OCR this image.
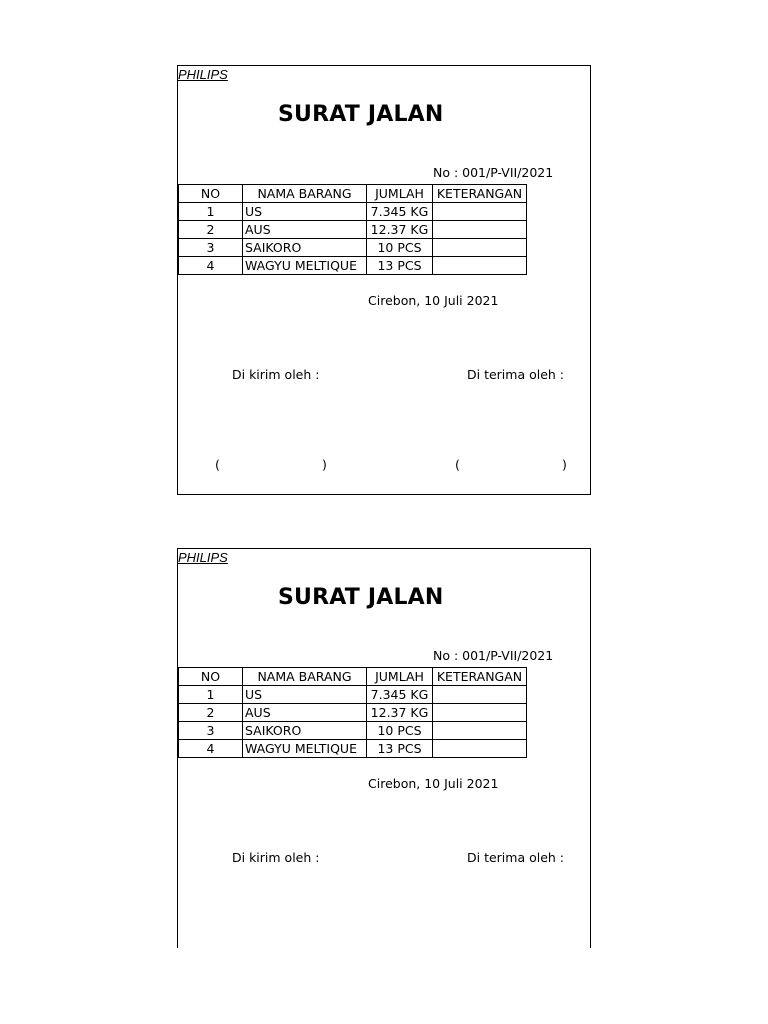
PHILIPS
SURAT JALAN
No : 001/P-VII/2021
NO	NAMA BARANG	JUMLAH	KETERANGAN
1	US	7.345 KG	
2	AUS	12.37 KG	
3	SAIKORO	10 PCS	
4	WAGYU MELTIQUE	13 PCS	
Cirebon, 10 Juli 2021
Di kirim oleh :	Di terima oleh :
(	)	(	)
PHILIPS
SURAT JALAN
No : 001/P-VII/2021
NO	NAMA BARANG	JUMLAH	KETERANGAN
1	US	7.345 KG	
2	AUS	12.37 KG	
3	SAIKORO	10 PCS	
4	WAGYU MELTIQUE	13 PCS	
Cirebon, 10 Juli 2021
Di kirim oleh :	Di terima oleh :
